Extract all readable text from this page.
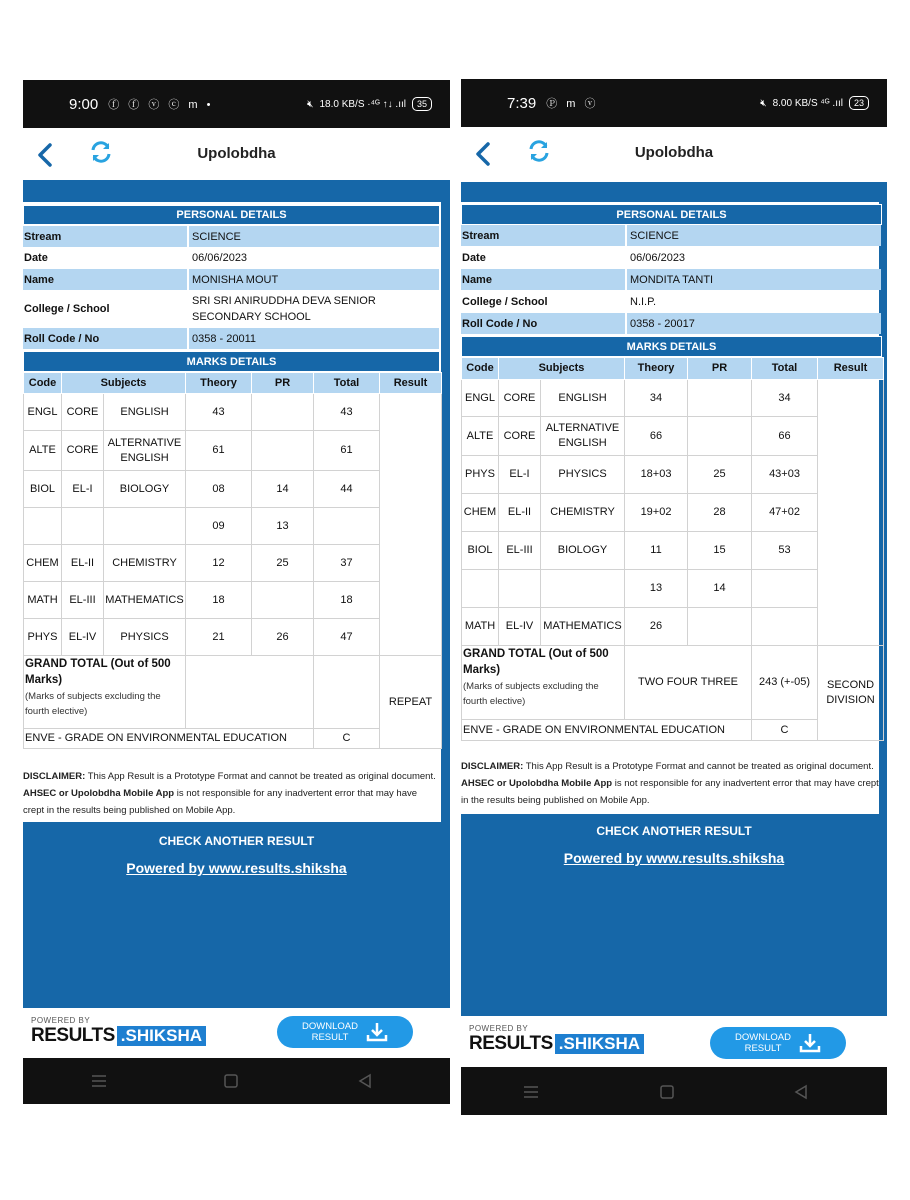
9:00 ⓕ ⓕ ⓥ ⓒ m •	🔇︎ 18.0 KB/S ·⁴ᴳ ↑↓ .ııl	35
Upolobdha
PERSONAL DETAILS
Stream	SCIENCE
Date	06/06/2023
Name	MONISHA MOUT
College / School
SRI SRI ANIRUDDHA DEVA SENIOR SECONDARY SCHOOL
Roll Code / No	0358 - 20011
MARKS DETAILS
Code	Subjects		Theory	PR	Total	Result
ENGL	CORE	ENGLISH	43		43	
ALTE	CORE	ALTERNATIVE ENGLISH	61		61	
BIOL	EL-I	BIOLOGY	08	14	44	
			09	13		
CHEM	EL-II	CHEMISTRY	12	25	37	
MATH	EL-III	MATHEMATICS	18		18	
PHYS	EL-IV	PHYSICS	21	26	47	

GRAND TOTAL (Out of 500 Marks)
(Marks of subjects excluding the fourth elective)						REPEAT
ENVE - GRADE ON ENVIRONMENTAL EDUCATION					C	
DISCLAIMER: This App Result is a Prototype Format and cannot be treated as original document. AHSEC or Upolobdha Mobile App is not responsible for any inadvertent error that may have crept in the results being published on Mobile App.
CHECK ANOTHER RESULT
Powered by www.results.shiksha
POWERED BY
RESULTS .SHIKSHA	DOWNLOAD
RESULT
7:39 Ⓟ m ⓥ	🔇︎ 8.00 KB/S ⁴ᴳ .ııl	23
Upolobdha
PERSONAL DETAILS
Stream	SCIENCE
Date	06/06/2023
Name	MONDITA TANTI
College / School	N.I.P.
Roll Code / No	0358 - 20017
MARKS DETAILS
Code	Subjects		Theory	PR	Total	Result
ENGL	CORE	ENGLISH	34		34	
ALTE	CORE	ALTERNATIVE ENGLISH	66		66	
PHYS	EL-I	PHYSICS	18+03	25	43+03	
CHEM	EL-II	CHEMISTRY	19+02	28	47+02	
BIOL	EL-III	BIOLOGY	11	15	53	
			13	14		
MATH	EL-IV	MATHEMATICS	26			

GRAND TOTAL (Out of 500 Marks)
(Marks of subjects excluding the fourth elective)			TWO FOUR THREE		243 (+-05)	SECOND DIVISION
ENVE - GRADE ON ENVIRONMENTAL EDUCATION					C	
DISCLAIMER: This App Result is a Prototype Format and cannot be treated as original document. AHSEC or Upolobdha Mobile App is not responsible for any inadvertent error that may have crept in the results being published on Mobile App.
CHECK ANOTHER RESULT
Powered by www.results.shiksha
POWERED BY
RESULTS .SHIKSHA	DOWNLOAD
RESULT
